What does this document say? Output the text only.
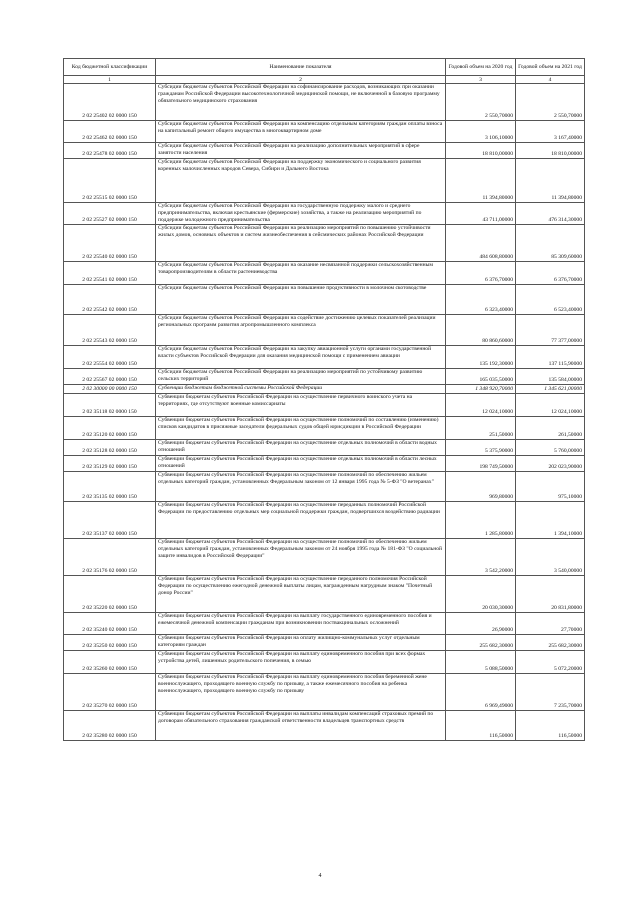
Код бюджетной классификации	Наименование показателя	Годовой объем на 2020 год	Годовой объем на 2021 год
1	2	3	4
2 02 25402 02 0000 150	Субсидии бюджетам субъектов Российской Федерации на софинансирование расходов, возникающих при оказании гражданам Российской Федерации высокотехнологичной медицинской помощи, не включенной в базовую программу обязательного медицинского страхования	2 550,70000	2 550,70000
2 02 25462 02 0000 150	Субсидии бюджетам субъектов Российской Федерации на компенсацию отдельным категориям граждан оплаты взноса на капитальный ремонт общего имущества в многоквартирном доме	3 106,10000	3 167,40000
2 02 25478 02 0000 150	Субсидии бюджетам субъектов Российской Федерации на реализацию дополнительных мероприятий в сфере занятости населения	18 810,00000	18 810,00000
2 02 25515 02 0000 150	Субсидии бюджетам субъектов Российской Федерации на поддержку экономического и социального развития коренных малочисленных народов Севера, Сибири и Дальнего Востока	11 394,80000	11 394,80000
2 02 25527 02 0000 150	Субсидии бюджетам субъектов Российской Федерации на государственную поддержку малого и среднего предпринимательства, включая крестьянские (фермерские) хозяйства, а также на реализацию мероприятий по поддержке молодежного предпринимательства	43 711,00000	476 314,30000
2 02 25540 02 0000 150	Субсидии бюджетам субъектов Российской Федерации на реализацию мероприятий по повышению устойчивости жилых домов, основных объектов и систем жизнеобеспечения в сейсмических районах Российской Федерации	484 608,80000	85 309,60000
2 02 25541 02 0000 150	Субсидии бюджетам субъектов Российской Федерации на оказание несвязанной поддержки сельскохозяйственным товаропроизводителям в области растениеводства	6 376,70000	6 376,70000
2 02 25542 02 0000 150	Субсидии бюджетам субъектов Российской Федерации на повышение продуктивности в молочном скотоводстве	6 323,40000	6 523,40000
2 02 25543 02 0000 150	Субсидии бюджетам субъектов Российской Федерации на содействие достижению целевых показателей реализации региональных программ развития агропромышленного комплекса	80 860,60000	77 377,00000
2 02 25554 02 0000 150	Субсидии бюджетам субъектов Российской Федерации на закупку авиационной услуги органами государственной власти субъектов Российской Федерации для оказания медицинской помощи с применением авиации	135 192,30000	137 115,90000
2 02 25567 02 0000 150	Субсидии бюджетам субъектов Российской Федерации на реализацию мероприятий по устойчивому развитию сельских территорий	165 035,50000	135 584,00000
2 02 30000 00 0000 150	Субвенции бюджетам бюджетной системы Российской Федерации	1 348 920,70000	1 345 621,00000
2 02 35118 02 0000 150	Субвенции бюджетам субъектов Российской Федерации на осуществление первичного воинского учета на территориях, где отсутствуют военные комиссариаты	12 024,10000	12 024,10000
2 02 35120 02 0000 150	Субвенции бюджетам субъектов Российской Федерации на осуществление полномочий по составлению (изменению) списков кандидатов в присяжные заседатели федеральных судов общей юрисдикции в Российской Федерации	251,50000	261,50000
2 02 35128 02 0000 150	Субвенции бюджетам субъектов Российской Федерации на осуществление отдельных полномочий в области водных отношений	5 375,90000	5 760,00000
2 02 35129 02 0000 150	Субвенции бюджетам субъектов Российской Федерации на осуществление отдельных полномочий в области лесных отношений	198 749,50000	202 023,90000
2 02 35135 02 0000 150	Субвенции бюджетам субъектов Российской Федерации на осуществление полномочий по обеспечению жильем отдельных категорий граждан, установленных Федеральным законом от 12 января 1995 года № 5-ФЗ "О ветеранах"	969,80000	975,10000
2 02 35137 02 0000 150	Субвенции бюджетам субъектов Российской Федерации на осуществление переданных полномочий Российской Федерации по предоставлению отдельных мер социальной поддержки граждан, подвергшихся воздействию радиации	1 285,80000	1 394,10000
2 02 35176 02 0000 150	Субвенции бюджетам субъектов Российской Федерации на осуществление полномочий по обеспечению жильем отдельных категорий граждан, установленных Федеральным законом от 24 ноября 1995 года № 181-ФЗ "О социальной защите инвалидов в Российской Федерации"	3 542,20000	3 540,00000
2 02 35220 02 0000 150	Субвенции бюджетам субъектов Российской Федерации на осуществление переданного полномочия Российской Федерации по осуществлению ежегодной денежной выплаты лицам, награжденным нагрудным знаком "Почетный донор России"	20 030,30000	20 831,80000
2 02 35240 02 0000 150	Субвенции бюджетам субъектов Российской Федерации на выплату государственного единовременного пособия и ежемесячной денежной компенсации гражданам при возникновении поствакцинальных осложнений	26,90000	27,70000
2 02 35250 02 0000 150	Субвенции бюджетам субъектов Российской Федерации на оплату жилищно-коммунальных услуг отдельным категориям граждан	255 682,30000	255 682,30000
2 02 35260 02 0000 150	Субвенции бюджетам субъектов Российской Федерации на выплату единовременного пособия при всех формах устройства детей, лишенных родительского попечения, в семью	5 088,50000	5 072,20000
2 02 35270 02 0000 150	Субвенции бюджетам субъектов Российской Федерации на выплату единовременного пособия беременной жене военнослужащего, проходящего военную службу по призыву, а также ежемесячного пособия на ребенка военнослужащего, проходящего военную службу по призыву	6 969,49000	7 235,70000
2 02 35280 02 0000 150	Субвенции бюджетам субъектов Российской Федерации на выплаты инвалидам компенсаций страховых премий по договорам обязательного страхования гражданской ответственности владельцев транспортных средств	116,50000	116,50000
4
